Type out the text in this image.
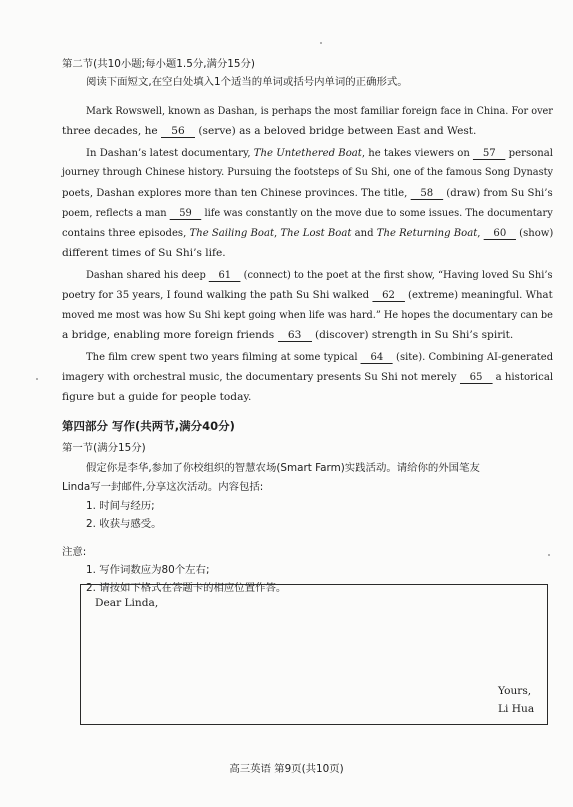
第二节(共10小题;每小题1.5分,满分15分)
阅读下面短文,在空白处填入1个适当的单词或括号内单词的正确形式。
Mark Rowswell, known as Dashan, is perhaps the most familiar foreign face in China. For over
three decades, he 56 (serve) as a beloved bridge between East and West.
In Dashan’s latest documentary, The Untethered Boat, he takes viewers on 57 personal
journey through Chinese history. Pursuing the footsteps of Su Shi, one of the famous Song Dynasty
poets, Dashan explores more than ten Chinese provinces. The title, 58 (draw) from Su Shi’s
poem, reflects a man 59 life was constantly on the move due to some issues. The documentary
contains three episodes, The Sailing Boat, The Lost Boat and The Returning Boat, 60 (show)
different times of Su Shi’s life.
Dashan shared his deep 61 (connect) to the poet at the first show, “Having loved Su Shi’s
poetry for 35 years, I found walking the path Su Shi walked 62 (extreme) meaningful. What
moved me most was how Su Shi kept going when life was hard.” He hopes the documentary can be
a bridge, enabling more foreign friends 63 (discover) strength in Su Shi’s spirit.
The film crew spent two years filming at some typical 64 (site). Combining AI-generated
imagery with orchestral music, the documentary presents Su Shi not merely 65 a historical
figure but a guide for people today.
第四部分 写作(共两节,满分40分)
第一节(满分15分)
假定你是李华,参加了你校组织的智慧农场(Smart Farm)实践活动。请给你的外国笔友
Linda写一封邮件,分享这次活动。内容包括:
1. 时间与经历;
2. 收获与感受。
注意:
1. 写作词数应为80个左右;
2. 请按如下格式在答题卡的相应位置作答。
Dear Linda,
Yours,
Li Hua
高三英语 第9页(共10页)
